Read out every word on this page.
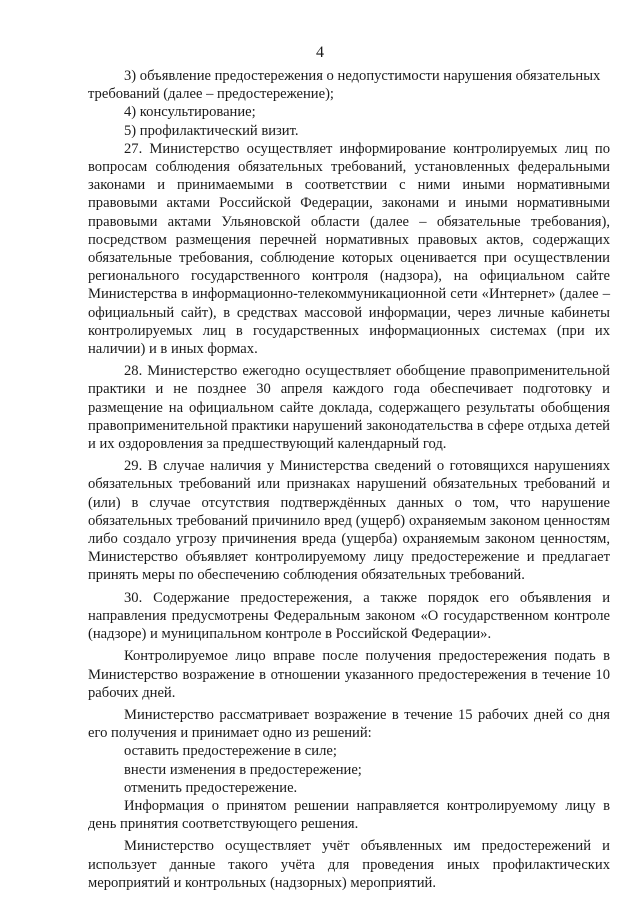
4

3) объявление предостережения о недопустимости нарушения обязательных требований (далее – предостережение);

4) консультирование;

5) профилактический визит.

27. Министерство осуществляет информирование контролируемых лиц по вопросам соблюдения обязательных требований, установленных федеральными законами и принимаемыми в соответствии с ними иными нормативными правовыми актами Российской Федерации, законами и иными нормативными правовыми актами Ульяновской области (далее – обязательные требования), посредством размещения перечней нормативных правовых актов, содержащих обязательные требования, соблюдение которых оценивается при осуществлении регионального государственного контроля (надзора), на официальном сайте Министерства в информационно-телекоммуникационной сети «Интернет» (далее – официальный сайт), в средствах массовой информации, через личные кабинеты контролируемых лиц в государственных информационных системах (при их наличии) и в иных формах.

28. Министерство ежегодно осуществляет обобщение правоприменительной практики и не позднее 30 апреля каждого года обеспечивает подготовку и размещение на официальном сайте доклада, содержащего результаты обобщения правоприменительной практики нарушений законодательства в сфере отдыха детей и их оздоровления за предшествующий календарный год.

29. В случае наличия у Министерства сведений о готовящихся нарушениях обязательных требований или признаках нарушений обязательных требований и (или) в случае отсутствия подтверждённых данных о том, что нарушение обязательных требований причинило вред (ущерб) охраняемым законом ценностям либо создало угрозу причинения вреда (ущерба) охраняемым законом ценностям, Министерство объявляет контролируемому лицу предостережение и предлагает принять меры по обеспечению соблюдения обязательных требований.

30. Содержание предостережения, а также порядок его объявления и направления предусмотрены Федеральным законом «О государственном контроле (надзоре) и муниципальном контроле в Российской Федерации».

Контролируемое лицо вправе после получения предостережения подать в Министерство возражение в отношении указанного предостережения в течение 10 рабочих дней.

Министерство рассматривает возражение в течение 15 рабочих дней со дня его получения и принимает одно из решений:

оставить предостережение в силе;

внести изменения в предостережение;

отменить предостережение.

Информация о принятом решении направляется контролируемому лицу в день принятия соответствующего решения.

Министерство осуществляет учёт объявленных им предостережений и использует данные такого учёта для проведения иных профилактических мероприятий и контрольных (надзорных) мероприятий.
